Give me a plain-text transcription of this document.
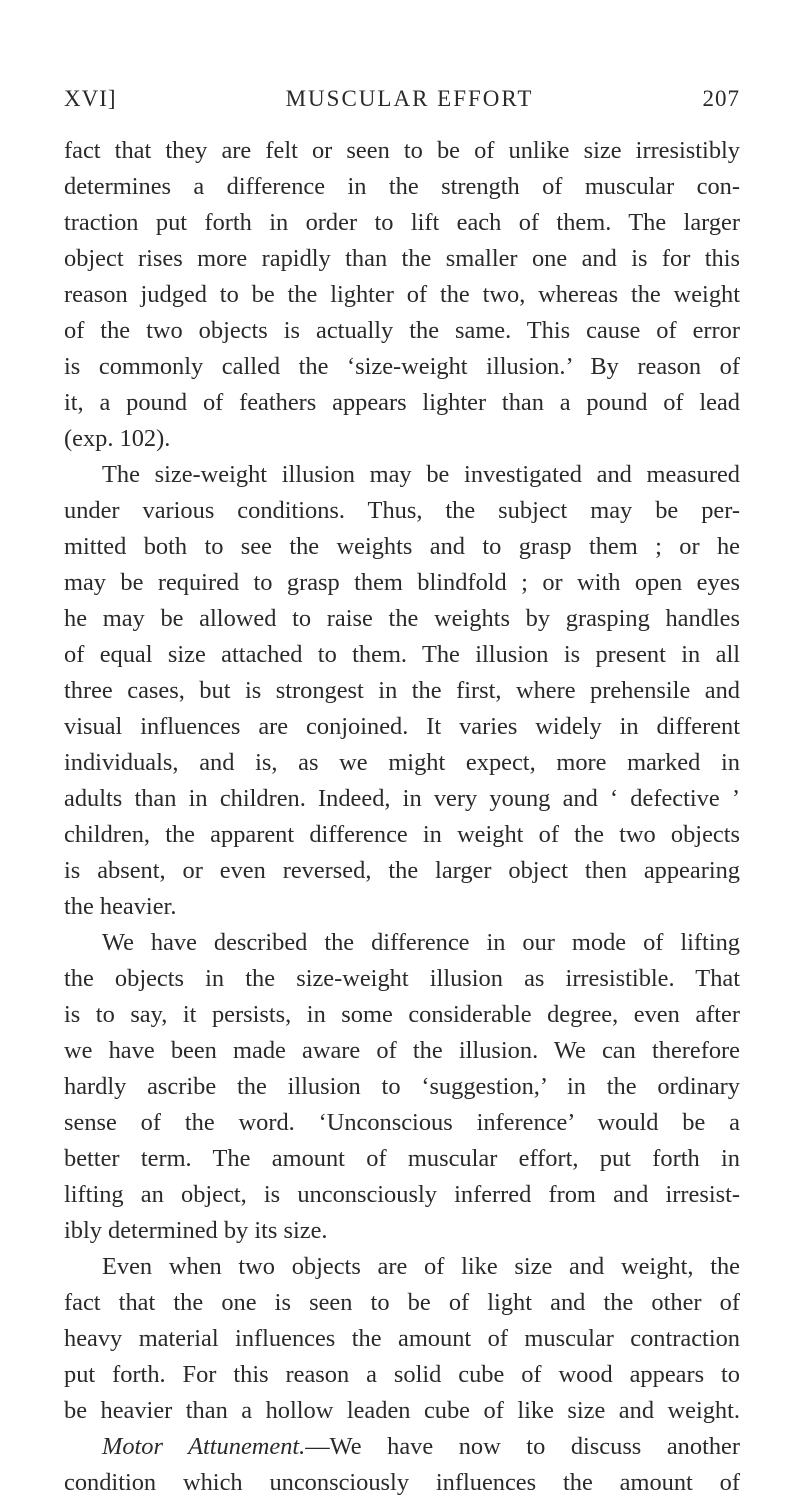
XVI]	MUSCULAR EFFORT	207
fact that they are felt or seen to be of unlike size irresistibly
determines a difference in the strength of muscular con-
traction put forth in order to lift each of them. The larger
object rises more rapidly than the smaller one and is for this
reason judged to be the lighter of the two, whereas the weight
of the two objects is actually the same. This cause of error
is commonly called the ‘size-weight illusion.’ By reason of
it, a pound of feathers appears lighter than a pound of lead
(exp. 102).
The size-weight illusion may be investigated and measured
under various conditions. Thus, the subject may be per-
mitted both to see the weights and to grasp them ; or he
may be required to grasp them blindfold ; or with open eyes
he may be allowed to raise the weights by grasping handles
of equal size attached to them. The illusion is present in all
three cases, but is strongest in the first, where prehensile and
visual influences are conjoined. It varies widely in different
individuals, and is, as we might expect, more marked in
adults than in children. Indeed, in very young and ‘ defective ’
children, the apparent difference in weight of the two objects
is absent, or even reversed, the larger object then appearing
the heavier.
We have described the difference in our mode of lifting
the objects in the size-weight illusion as irresistible. That
is to say, it persists, in some considerable degree, even after
we have been made aware of the illusion. We can therefore
hardly ascribe the illusion to ‘suggestion,’ in the ordinary
sense of the word. ‘Unconscious inference’ would be a
better term. The amount of muscular effort, put forth in
lifting an object, is unconsciously inferred from and irresist-
ibly determined by its size.
Even when two objects are of like size and weight, the
fact that the one is seen to be of light and the other of
heavy material influences the amount of muscular contraction
put forth. For this reason a solid cube of wood appears to
be heavier than a hollow leaden cube of like size and weight.
Motor Attunement.—We have now to discuss another
condition which unconsciously influences the amount of
